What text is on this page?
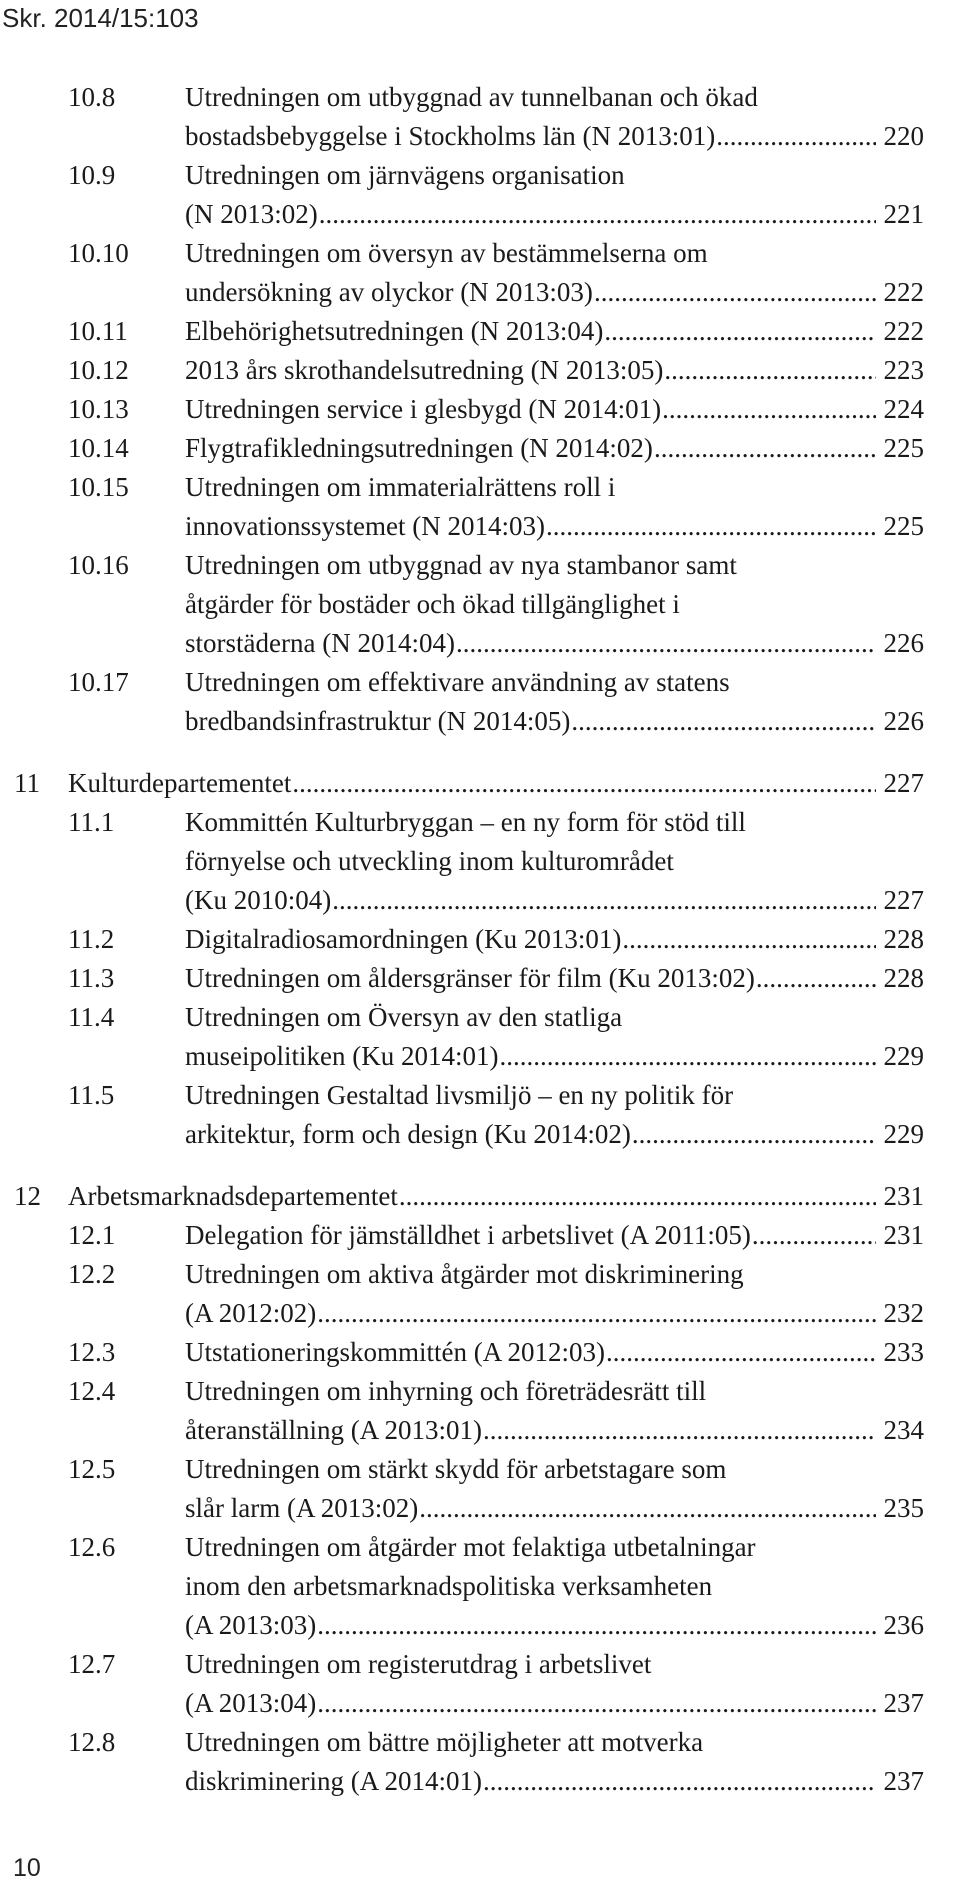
Skr. 2014/15:103
10.8	Utredningen om utbyggnad av tunnelbanan och ökad
bostadsbebyggelse i Stockholms län (N 2013:01) .....	220
10.9	Utredningen om järnvägens organisation
(N 2013:02) .....	221
10.10 Utredningen om översyn av bestämmelserna om
undersökning av olyckor (N 2013:03) .....	222
10.11 Elbehörighetsutredningen (N 2013:04) .....	222
10.12 2013 års skrothandelsutredning (N 2013:05) .....	223
10.13 Utredningen service i glesbygd (N 2014:01) .....	224
10.14 Flygtrafikledningsutredningen (N 2014:02) .....	225
10.15 Utredningen om immaterialrättens roll i
innovationssystemet (N 2014:03) .....	225
10.16 Utredningen om utbyggnad av nya stambanor samt
åtgärder för bostäder och ökad tillgänglighet i
storstäderna (N 2014:04) .....	226
10.17 Utredningen om effektivare användning av statens
bredbandsinfrastruktur (N 2014:05) .....	226
11 Kulturdepartementet .....	227
11.1	Kommittén Kulturbryggan – en ny form för stöd till
förnyelse och utveckling inom kulturområdet
(Ku 2010:04) .....	227
11.2	Digitalradiosamordningen (Ku 2013:01) .....	228
11.3	Utredningen om åldersgränser för film (Ku 2013:02) .....	228
11.4	Utredningen om Översyn av den statliga
museipolitiken (Ku 2014:01) .....	229
11.5	Utredningen Gestaltad livsmiljö – en ny politik för
arkitektur, form och design (Ku 2014:02) .....	229
12 Arbetsmarknadsdepartementet .....	231
12.1	Delegation för jämställdhet i arbetslivet (A 2011:05) .....	231
12.2	Utredningen om aktiva åtgärder mot diskriminering
(A 2012:02) .....	232
12.3	Utstationeringskommittén (A 2012:03) .....	233
12.4	Utredningen om inhyrning och företrädesrätt till
återanställning (A 2013:01) .....	234
12.5	Utredningen om stärkt skydd för arbetstagare som
slår larm (A 2013:02) .....	235
12.6	Utredningen om åtgärder mot felaktiga utbetalningar
inom den arbetsmarknadspolitiska verksamheten
(A 2013:03) .....	236
12.7	Utredningen om registerutdrag i arbetslivet
(A 2013:04) .....	237
12.8	Utredningen om bättre möjligheter att motverka
diskriminering (A 2014:01) .....	237
10
